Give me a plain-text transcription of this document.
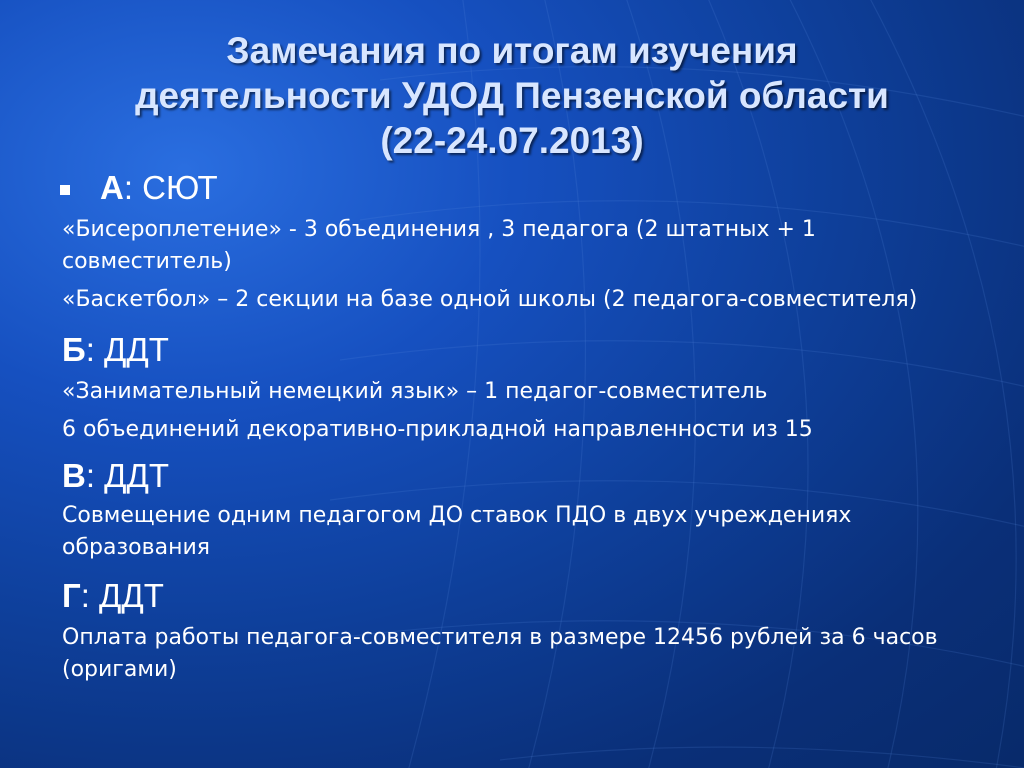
Замечания по итогам изучения
деятельности УДОД Пензенской области
(22-24.07.2013)

А: СЮТ

«Бисероплетение» - 3 объединения , 3 педагога (2 штатных + 1 совместитель)

«Баскетбол» – 2 секции на базе одной школы (2 педагога-совместителя)

Б: ДДТ

«Занимательный немецкий язык» – 1 педагог-совместитель

6 объединений декоративно-прикладной направленности из 15

В: ДДТ

Совмещение одним педагогом ДО ставок ПДО в двух учреждениях образования

Г: ДДТ

Оплата работы педагога-совместителя в размере 12456 рублей за 6 часов (оригами)
